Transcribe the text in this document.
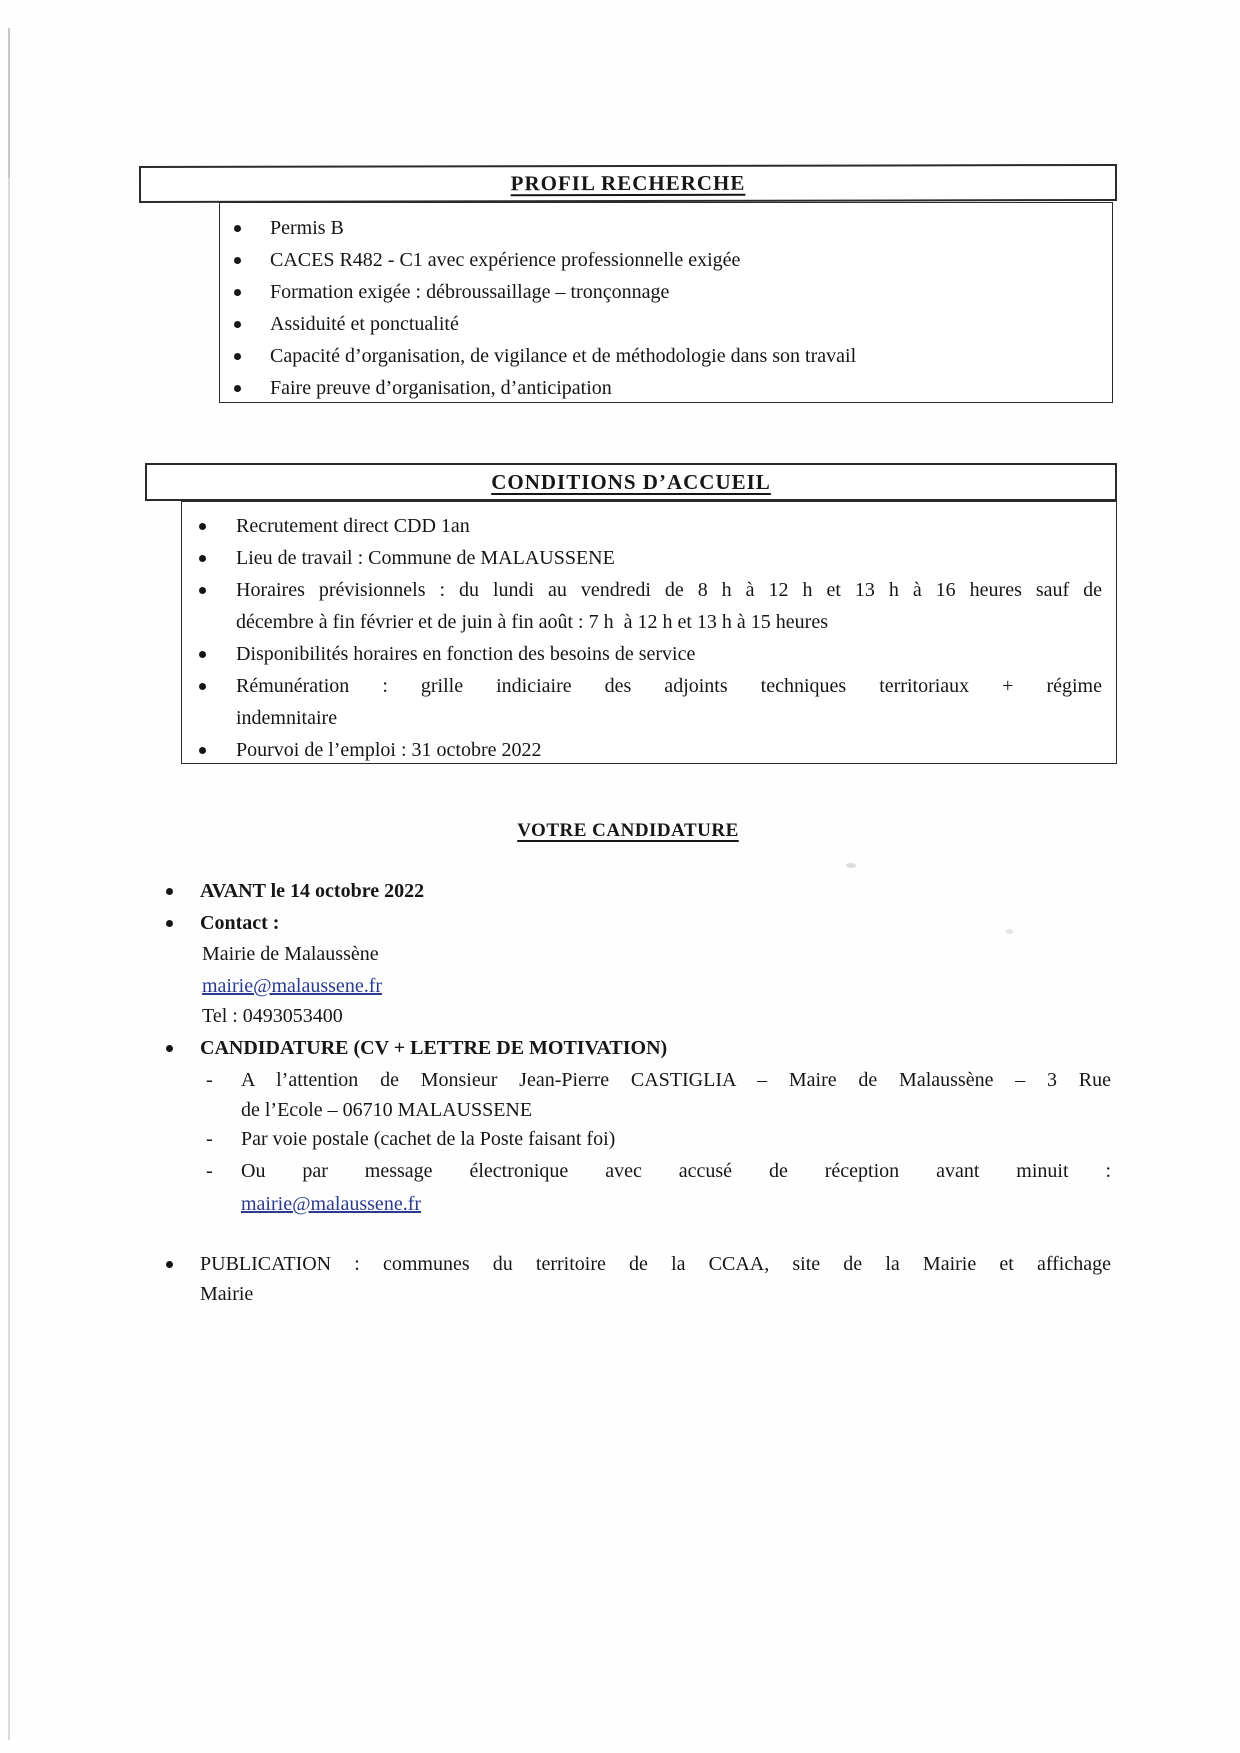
PROFIL RECHERCHE
Permis B
CACES R482 - C1 avec expérience professionnelle exigée
Formation exigée : débroussaillage – tronçonnage
Assiduité et ponctualité
Capacité d’organisation, de vigilance et de méthodologie dans son travail
Faire preuve d’organisation, d’anticipation
CONDITIONS D’ACCUEIL
Recrutement direct CDD 1an
Lieu de travail : Commune de MALAUSSENE
Horaires prévisionnels : du lundi au vendredi de 8 h à 12 h et 13 h à 16 heures sauf de
décembre à fin février et de juin à fin août : 7 h  à 12 h et 13 h à 15 heures
Disponibilités horaires en fonction des besoins de service
Rémunération : grille indiciaire des adjoints techniques territoriaux + régime
indemnitaire
Pourvoi de l’emploi : 31 octobre 2022
VOTRE CANDIDATURE
AVANT le 14 octobre 2022
Contact :
Mairie de Malaussène
mairie@malaussene.fr
Tel : 0493053400
CANDIDATURE (CV + LETTRE DE MOTIVATION)
- A l’attention de Monsieur Jean-Pierre CASTIGLIA – Maire de Malaussène – 3 Rue
de l’Ecole – 06710 MALAUSSENE
- Par voie postale (cachet de la Poste faisant foi)
- Ou par message électronique avec accusé de réception avant minuit :
mairie@malaussene.fr
PUBLICATION : communes du territoire de la CCAA, site de la Mairie et affichage
Mairie
